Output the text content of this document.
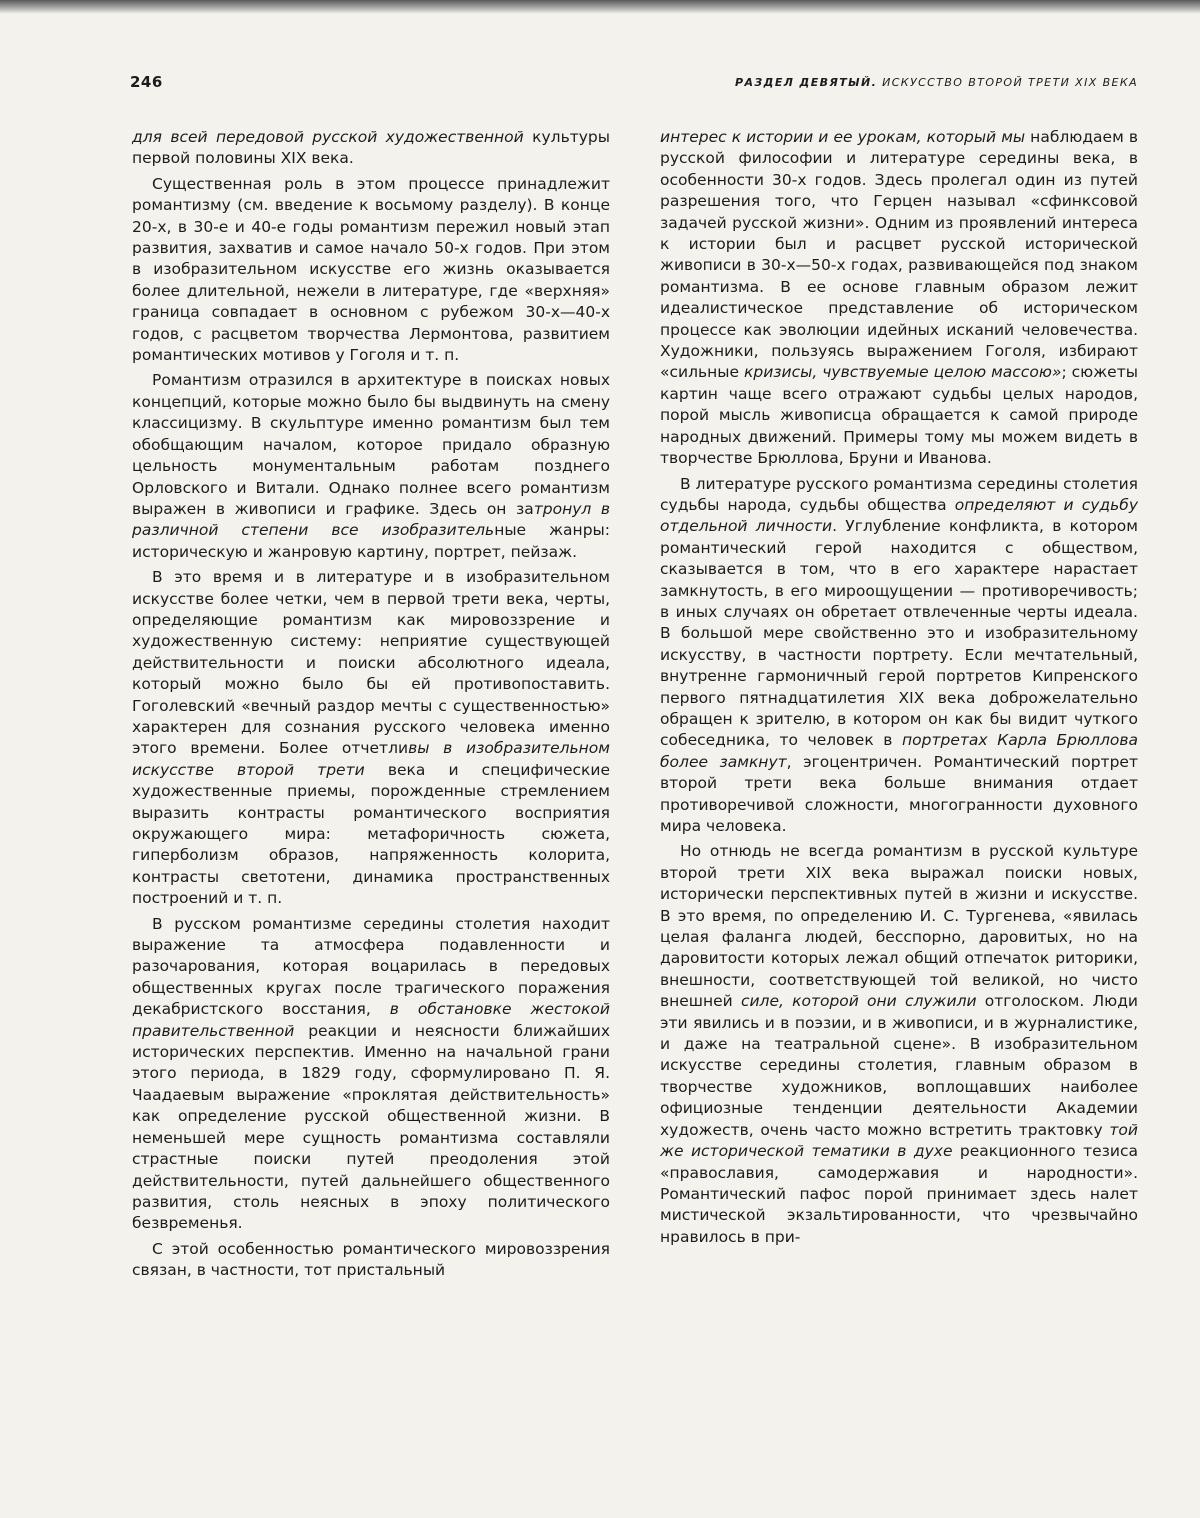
246	РАЗДЕЛ ДЕВЯТЫЙ. ИСКУССТВО ВТОРОЙ ТРЕТИ XIX ВЕКА

для всей передовой русской художественной культуры первой половины XIX века.

Существенная роль в этом процессе принадлежит романтизму (см. введение к восьмому разделу). В конце 20-х, в 30-е и 40-е годы романтизм пережил новый этап развития, захватив и самое начало 50-х годов. При этом в изобразительном искусстве его жизнь оказывается более длительной, нежели в литературе, где «верхняя» граница совпадает в основном с рубежом 30-х—40-х годов, с расцветом творчества Лермонтова, развитием романтических мотивов у Гоголя и т. п.

Романтизм отразился в архитектуре в поисках новых концепций, которые можно было бы выдвинуть на смену классицизму. В скульптуре именно романтизм был тем обобщающим началом, которое придало образную цельность монументальным работам позднего Орловского и Витали. Однако полнее всего романтизм выражен в живописи и графике. Здесь он затронул в различной степени все изобразительные жанры: историческую и жанровую картину, портрет, пейзаж.

В это время и в литературе и в изобразительном искусстве более четки, чем в первой трети века, черты, определяющие романтизм как мировоззрение и художественную систему: неприятие существующей действительности и поиски абсолютного идеала, который можно было бы ей противопоставить. Гоголевский «вечный раздор мечты с существенностью» характерен для сознания русского человека именно этого времени. Более отчетливы в изобразительном искусстве второй трети века и специфические художественные приемы, порожденные стремлением выразить контрасты романтического восприятия окружающего мира: метафоричность сюжета, гиперболизм образов, напряженность колорита, контрасты светотени, динамика пространственных построений и т. п.

В русском романтизме середины столетия находит выражение та атмосфера подавленности и разочарования, которая воцарилась в передовых общественных кругах после трагического поражения декабристского восстания, в обстановке жестокой правительственной реакции и неясности ближайших исторических перспектив. Именно на начальной грани этого периода, в 1829 году, сформулировано П. Я. Чаадаевым выражение «проклятая действительность» как определение русской общественной жизни. В неменьшей мере сущность романтизма составляли страстные поиски путей преодоления этой действительности, путей дальнейшего общественного развития, столь неясных в эпоху политического безвременья.

С этой особенностью романтического мировоззрения связан, в частности, тот пристальный

интерес к истории и ее урокам, который мы наблюдаем в русской философии и литературе середины века, в особенности 30-х годов. Здесь пролегал один из путей разрешения того, что Герцен называл «сфинксовой задачей русской жизни». Одним из проявлений интереса к истории был и расцвет русской исторической живописи в 30-х—50-х годах, развивающейся под знаком романтизма. В ее основе главным образом лежит идеалистическое представление об историческом процессе как эволюции идейных исканий человечества. Художники, пользуясь выражением Гоголя, избирают «сильные кризисы, чувствуемые целою массою»; сюжеты картин чаще всего отражают судьбы целых народов, порой мысль живописца обращается к самой природе народных движений. Примеры тому мы можем видеть в творчестве Брюллова, Бруни и Иванова.

В литературе русского романтизма середины столетия судьбы народа, судьбы общества определяют и судьбу отдельной личности. Углубление конфликта, в котором романтический герой находится с обществом, сказывается в том, что в его характере нарастает замкнутость, в его мироощущении — противоречивость; в иных случаях он обретает отвлеченные черты идеала. В большой мере свойственно это и изобразительному искусству, в частности портрету. Если мечтательный, внутренне гармоничный герой портретов Кипренского первого пятнадцатилетия XIX века доброжелательно обращен к зрителю, в котором он как бы видит чуткого собеседника, то человек в портретах Карла Брюллова более замкнут, эгоцентричен. Романтический портрет второй трети века больше внимания отдает противоречивой сложности, многогранности духовного мира человека.

Но отнюдь не всегда романтизм в русской культуре второй трети XIX века выражал поиски новых, исторически перспективных путей в жизни и искусстве. В это время, по определению И. С. Тургенева, «явилась целая фаланга людей, бесспорно, даровитых, но на даровитости которых лежал общий отпечаток риторики, внешности, соответствующей той великой, но чисто внешней силе, которой они служили отголоском. Люди эти явились и в поэзии, и в живописи, и в журналистике, и даже на театральной сцене». В изобразительном искусстве середины столетия, главным образом в творчестве художников, воплощавших наиболее официозные тенденции деятельности Академии художеств, очень часто можно встретить трактовку той же исторической тематики в духе реакционного тезиса «православия, самодержавия и народности». Романтический пафос порой принимает здесь налет мистической экзальтированности, что чрезвычайно нравилось в при-
